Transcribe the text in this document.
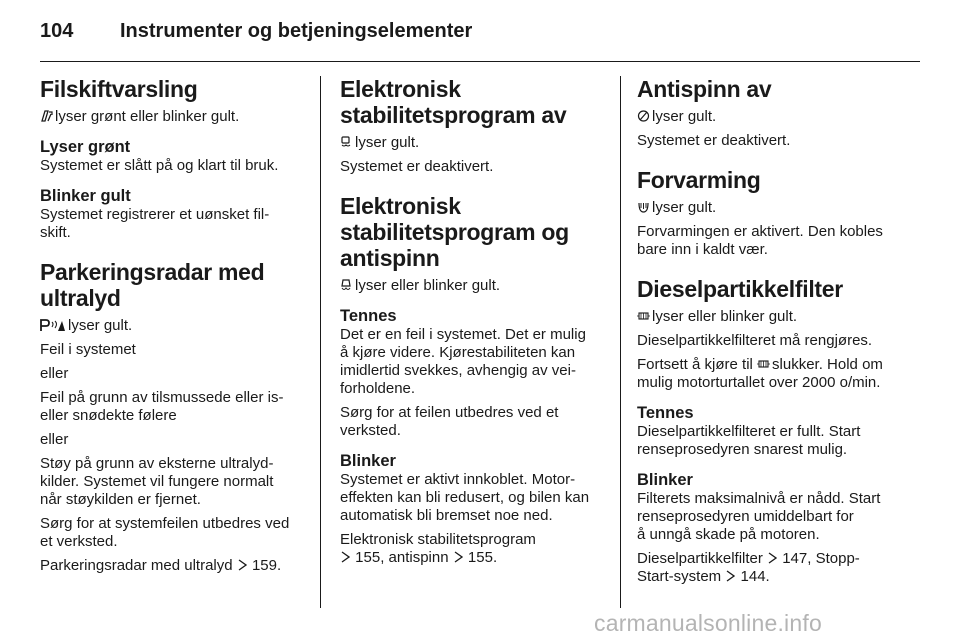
104 Instrumenter og betjeningselementer
Filskiftvarsling

lyser grønt eller blinker gult.

Lyser grønt

Systemet er slått på og klart til bruk.

Blinker gult

Systemet registrerer et uønsket fil-
skift.

Parkeringsradar med
ultralyd

lyser gult.

Feil i systemet

eller

Feil på grunn av tilsmussede eller is-
eller snødekte følere

eller

Støy på grunn av eksterne ultralyd-
kilder. Systemet vil fungere normalt
når støykilden er fjernet.

Sørg for at systemfeilen utbedres ved
et verksted.

Parkeringsradar med ultralyd 159.

Elektronisk
stabilitetsprogram av

lyser gult.

Systemet er deaktivert.

Elektronisk
stabilitetsprogram og
antispinn

lyser eller blinker gult.

Tennes

Det er en feil i systemet. Det er mulig
å kjøre videre. Kjørestabiliteten kan
imidlertid svekkes, avhengig av vei-
forholdene.

Sørg for at feilen utbedres ved et
verksted.

Blinker

Systemet er aktivt innkoblet. Motor-
effekten kan bli redusert, og bilen kan
automatisk bli bremset noe ned.

Elektronisk stabilitetsprogram

155, antispinn 155.

Antispinn av

lyser gult.

Systemet er deaktivert.

Forvarming

lyser gult.

Forvarmingen er aktivert. Den kobles
bare inn i kaldt vær.

Dieselpartikkelfilter

lyser eller blinker gult.

Dieselpartikkelfilteret må rengjøres.

Fortsett å kjøre til slukker. Hold om
mulig motorturtallet over 2000 o/min.

Tennes

Dieselpartikkelfilteret er fullt. Start
renseprosedyren snarest mulig.

Blinker

Filterets maksimalnivå er nådd. Start
renseprosedyren umiddelbart for
å unngå skade på motoren.

Dieselpartikkelfilter 147, Stopp-
Start-system 144.

carmanualsonline.info
